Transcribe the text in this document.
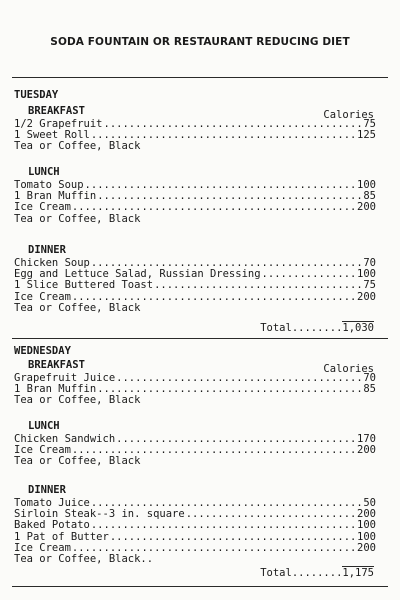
SODA FOUNTAIN OR RESTAURANT REDUCING DIET
TUESDAY
BREAKFAST	Calories
1/2 Grapefruit .....	75
1 Sweet Roll .....	125
Tea or Coffee, Black
LUNCH
Tomato Soup .....	100
1 Bran Muffin .....	85
Ice Cream .....	200
Tea or Coffee, Black
DINNER
Chicken Soup .....	70
Egg and Lettuce Salad, Russian Dressing .....	100
1 Slice Buttered Toast .....	75
Ice Cream .....	200
Tea or Coffee, Black
Total ........ 1,030
WEDNESDAY
BREAKFAST	Calories
Grapefruit Juice .....	70
1 Bran Muffin .....	85
Tea or Coffee, Black
LUNCH
Chicken Sandwich .....	170
Ice Cream .....	200
Tea or Coffee, Black
DINNER
Tomato Juice .....	50
Sirloin Steak--3 in. square .....	200
Baked Potato .....	100
1 Pat of Butter .....	100
Ice Cream .....	200
Tea or Coffee, Black..
Total ........ 1,175
